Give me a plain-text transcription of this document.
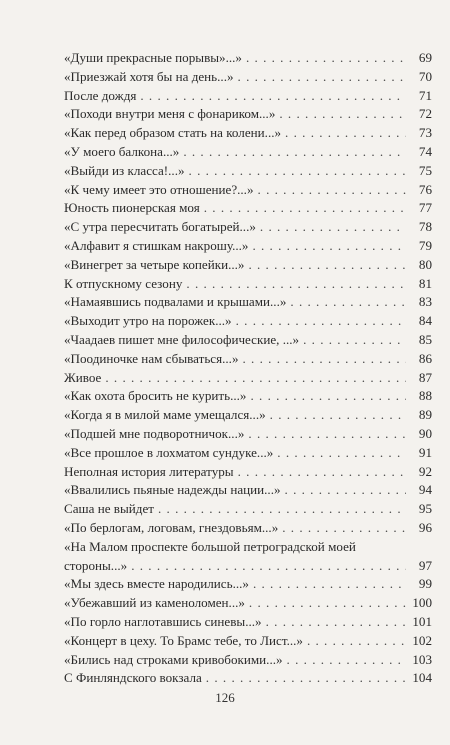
«Души прекрасные порывы»...» . . .	69
«Приезжай хотя бы на день...» . . .	70
После дождя . . .	71
«Походи внутри меня с фонариком...» . . .	72
«Как перед образом стать на колени...» . . .	73
«У моего балкона...» . . .	74
«Выйди из класса!...» . . .	75
«К чему имеет это отношение?...» . . .	76
Юность пионерская моя . . .	77
«С утра пересчитать богатырей...» . . .	78
«Алфавит я стишкам накрошу...» . . .	79
«Винегрет за четыре копейки...» . . .	80
К отпускному сезону . . .	81
«Намаявшись подвалами и крышами...» . . .	83
«Выходит утро на порожек...» . . .	84
«Чаадаев пишет мне философические, ...» . . .	85
«Поодиночке нам сбываться...» . . .	86
Живое . . .	87
«Как охота бросить не курить...» . . .	88
«Когда я в милой маме умещался...» . . .	89
«Подшей мне подворотничок...» . . .	90
«Все прошлое в лохматом сундуке...» . . .	91
Неполная история литературы . . .	92
«Ввалились пьяные надежды нации...» . . .	94
Саша не выйдет . . .	95
«По берлогам, логовам, гнездовьям...» . . .	96
«На Малом проспекте большой петроградской моей
стороны...» . . .	97
«Мы здесь вместе народились...» . . .	99
«Убежавший из каменоломен...» . . .	100
«По горло наглотавшись синевы...» . . .	101
«Концерт в цеху. То Брамс тебе, то Лист...» . . .	102
«Бились над строками кривобокими...» . . .	103
С Финляндского вокзала . . .	104
126
